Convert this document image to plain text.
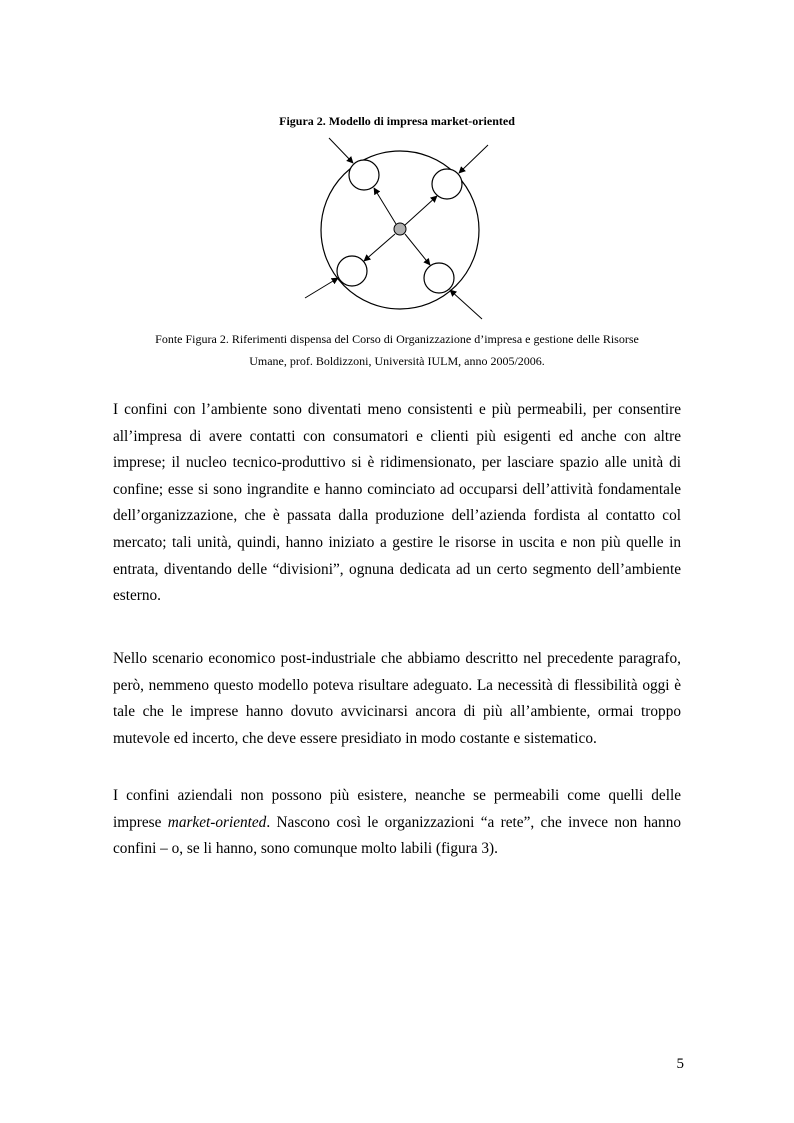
Figura 2. Modello di impresa market-oriented
Fonte Figura 2. Riferimenti dispensa del Corso di Organizzazione d’impresa e gestione delle Risorse
Umane, prof. Boldizzoni, Università IULM, anno 2005/2006.

I confini con l’ambiente sono diventati meno consistenti e più permeabili, per consentire all’impresa di avere contatti con consumatori e clienti più esigenti ed anche con altre imprese; il nucleo tecnico-produttivo si è ridimensionato, per lasciare spazio alle unità di confine; esse si sono ingrandite e hanno cominciato ad occuparsi dell’attività fondamentale dell’organizzazione, che è passata dalla produzione dell’azienda fordista al contatto col mercato; tali unità, quindi, hanno iniziato a gestire le risorse in uscita e non più quelle in entrata, diventando delle “divisioni”, ognuna dedicata ad un certo segmento dell’ambiente esterno.

Nello scenario economico post-industriale che abbiamo descritto nel precedente paragrafo, però, nemmeno questo modello poteva risultare adeguato. La necessità di flessibilità oggi è tale che le imprese hanno dovuto avvicinarsi ancora di più all’ambiente, ormai troppo mutevole ed incerto, che deve essere presidiato in modo costante e sistematico.

I confini aziendali non possono più esistere, neanche se permeabili come quelli delle imprese market-oriented. Nascono così le organizzazioni “a rete”, che invece non hanno confini – o, se li hanno, sono comunque molto labili (figura 3).

5
